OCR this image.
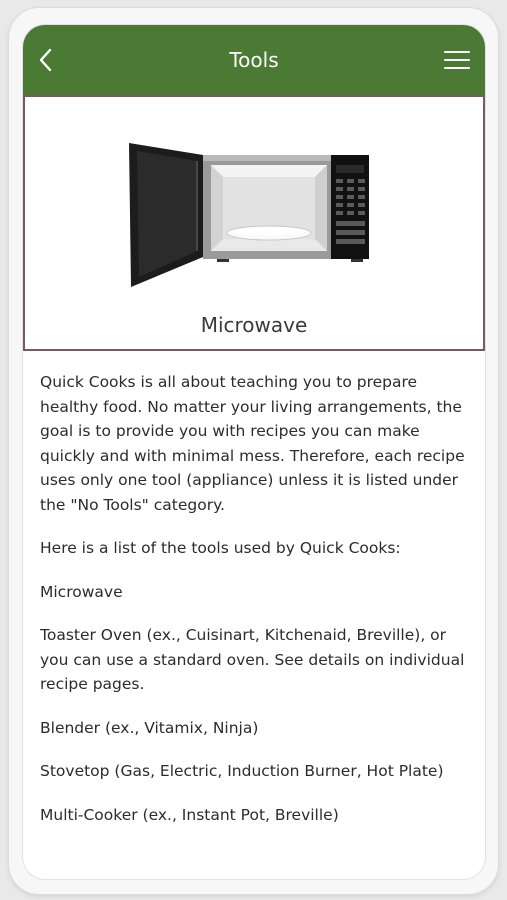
Tools
Microwave

Quick Cooks is all about teaching you to prepare healthy food. No matter your living arrangements, the goal is to provide you with recipes you can make quickly and with minimal mess. Therefore, each recipe uses only one tool (appliance) unless it is listed under the "No Tools" category.

Here is a list of the tools used by Quick Cooks:

Microwave

Toaster Oven (ex., Cuisinart, Kitchenaid, Breville), or you can use a standard oven. See details on individual recipe pages.

Blender (ex., Vitamix, Ninja)

Stovetop (Gas, Electric, Induction Burner, Hot Plate)

Multi-Cooker (ex., Instant Pot, Breville)
